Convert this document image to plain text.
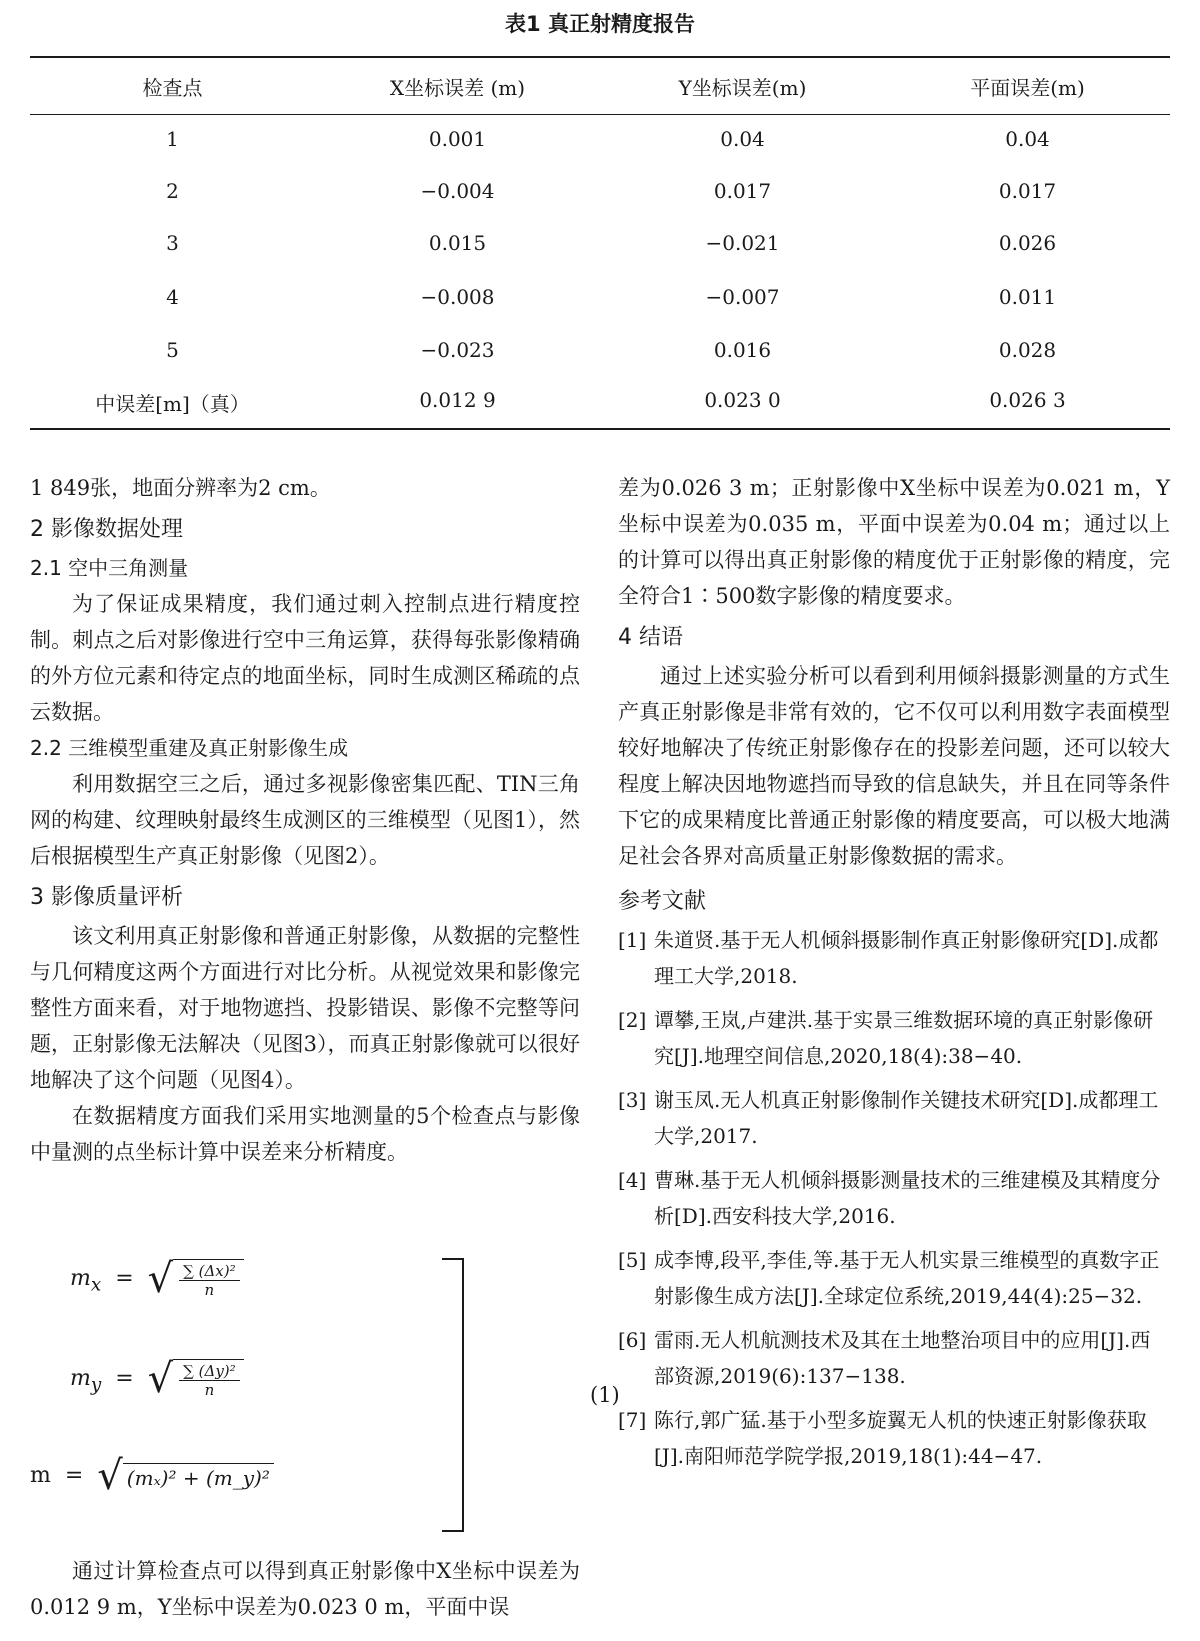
表1 真正射精度报告
检查点	X坐标误差 (m)	Y坐标误差(m)	平面误差(m)
1	0.001	0.04	0.04
2	−0.004	0.017	0.017
3	0.015	−0.021	0.026
4	−0.008	−0.007	0.011
5	−0.023	0.016	0.028
中误差[m]（真）	0.012 9	0.023 0	0.026 3

1 849张，地面分辨率为2 cm。

2 影像数据处理
2.1 空中三角测量

为了保证成果精度，我们通过刺入控制点进行精度控制。刺点之后对影像进行空中三角运算，获得每张影像精确的外方位元素和待定点的地面坐标，同时生成测区稀疏的点云数据。

2.2 三维模型重建及真正射影像生成

利用数据空三之后，通过多视影像密集匹配、TIN三角网的构建、纹理映射最终生成测区的三维模型（见图1），然后根据模型生产真正射影像（见图2）。

3 影像质量评析

该文利用真正射影像和普通正射影像，从数据的完整性与几何精度这两个方面进行对比分析。从视觉效果和影像完整性方面来看，对于地物遮挡、投影错误、影像不完整等问题，正射影像无法解决（见图3），而真正射影像就可以很好地解决了这个问题（见图4）。

在数据精度方面我们采用实地测量的5个检查点与影像中量测的点坐标计算中误差来分析精度。

$m_x$  =  √ $\frac{\text{∑ (Δx)²}}{n}$
$m_y$  =  √ $\frac{\text{∑ (Δy)²}}{n}$
m  =  √ (mₓ)² + (m_y)²
(1)

通过计算检查点可以得到真正射影像中X坐标中误差为0.012 9 m，Y坐标中误差为0.023 0 m，平面中误

差为0.026 3 m；正射影像中X坐标中误差为0.021 m，Y坐标中误差为0.035 m，平面中误差为0.04 m；通过以上的计算可以得出真正射影像的精度优于正射影像的精度，完全符合1∶500数字影像的精度要求。

4 结语

通过上述实验分析可以看到利用倾斜摄影测量的方式生产真正射影像是非常有效的，它不仅可以利用数字表面模型较好地解决了传统正射影像存在的投影差问题，还可以较大程度上解决因地物遮挡而导致的信息缺失，并且在同等条件下它的成果精度比普通正射影像的精度要高，可以极大地满足社会各界对高质量正射影像数据的需求。

参考文献
[1] 朱道贤.基于无人机倾斜摄影制作真正射影像研究[D].成都理工大学,2018.
[2] 谭攀,王岚,卢建洪.基于实景三维数据环境的真正射影像研究[J].地理空间信息,2020,18(4):38−40.
[3] 谢玉凤.无人机真正射影像制作关键技术研究[D].成都理工大学,2017.
[4] 曹琳.基于无人机倾斜摄影测量技术的三维建模及其精度分析[D].西安科技大学,2016.
[5] 成李博,段平,李佳,等.基于无人机实景三维模型的真数字正射影像生成方法[J].全球定位系统,2019,44(4):25−32.
[6] 雷雨.无人机航测技术及其在土地整治项目中的应用[J].西部资源,2019(6):137−138.
[7] 陈行,郭广猛.基于小型多旋翼无人机的快速正射影像获取[J].南阳师范学院学报,2019,18(1):44−47.
